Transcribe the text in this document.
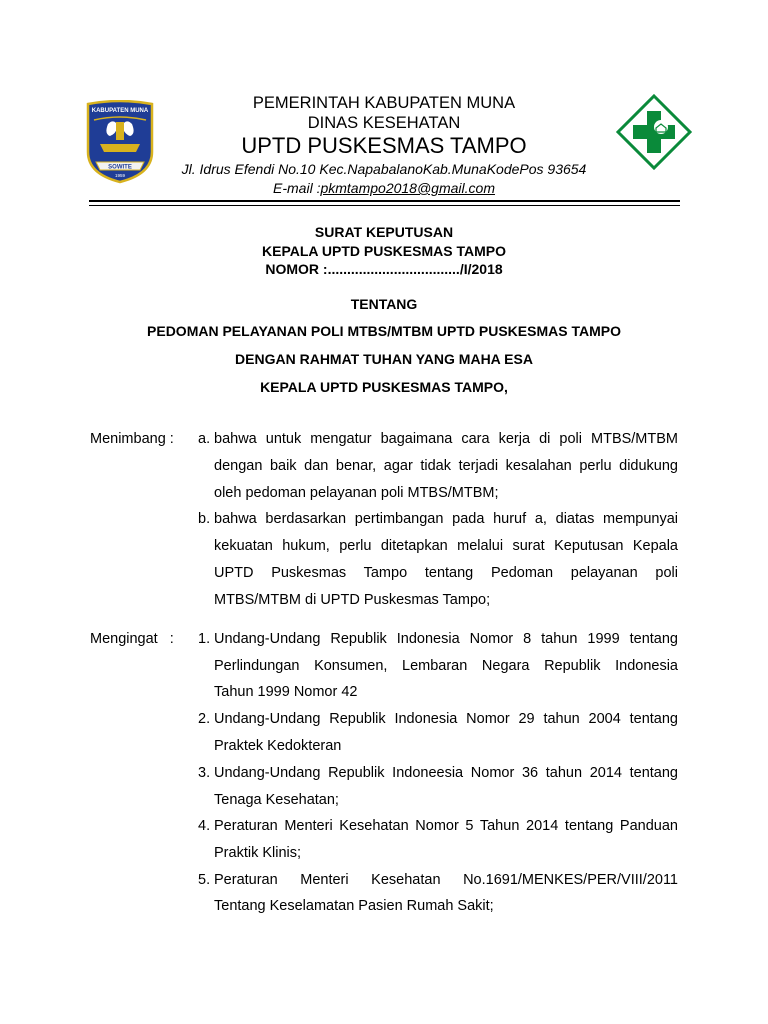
KABUPATEN MUNA
SOWITE
1959
PEMERINTAH KABUPATEN MUNA
DINAS KESEHATAN
UPTD PUSKESMAS TAMPO
Jl. Idrus Efendi No.10 Kec.NapabalanoKab.MunaKodePos 93654
E-mail :pkmtampo2018@gmail.com
SURAT KEPUTUSAN
KEPALA UPTD PUSKESMAS TAMPO
NOMOR :................................../I/2018
TENTANG
PEDOMAN PELAYANAN POLI MTBS/MTBM UPTD PUSKESMAS TAMPO
DENGAN RAHMAT TUHAN YANG MAHA ESA
KEPALA UPTD PUSKESMAS TAMPO,
Menimbang : a. bahwa untuk mengatur bagaimana cara kerja di poli MTBS/MTBM
dengan baik dan benar, agar tidak terjadi kesalahan perlu didukung
oleh pedoman pelayanan poli MTBS/MTBM;
b. bahwa berdasarkan pertimbangan pada huruf a, diatas mempunyai
kekuatan hukum, perlu ditetapkan melalui surat Keputusan Kepala
UPTD Puskesmas Tampo tentang Pedoman pelayanan poli
MTBS/MTBM di UPTD Puskesmas Tampo;
Mengingat   : 1. Undang-Undang Republik Indonesia Nomor 8 tahun 1999 tentang
Perlindungan Konsumen, Lembaran Negara Republik Indonesia
Tahun 1999 Nomor 42
2. Undang-Undang Republik Indonesia Nomor 29 tahun 2004 tentang
Praktek Kedokteran
3. Undang-Undang Republik Indoneesia Nomor 36 tahun 2014 tentang
Tenaga Kesehatan;
4. Peraturan Menteri Kesehatan Nomor 5 Tahun 2014 tentang Panduan
Praktik Klinis;
5. Peraturan Menteri Kesehatan No.1691/MENKES/PER/VIII/2011
Tentang Keselamatan Pasien Rumah Sakit;
